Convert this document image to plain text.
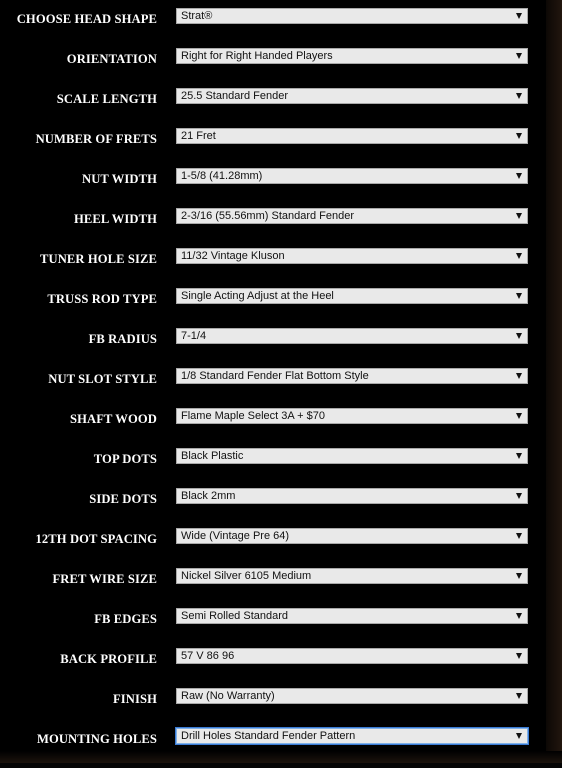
CHOOSE HEAD SHAPE Strat®
ORIENTATION Right for Right Handed Players
SCALE LENGTH 25.5 Standard Fender
NUMBER OF FRETS 21 Fret
NUT WIDTH 1-5/8 (41.28mm)
HEEL WIDTH 2-3/16 (55.56mm) Standard Fender
TUNER HOLE SIZE 11/32 Vintage Kluson
TRUSS ROD TYPE Single Acting Adjust at the Heel
FB RADIUS 7-1/4
NUT SLOT STYLE 1/8 Standard Fender Flat Bottom Style
SHAFT WOOD Flame Maple Select 3A + $70
TOP DOTS Black Plastic
SIDE DOTS Black 2mm
12TH DOT SPACING Wide (Vintage Pre 64)
FRET WIRE SIZE Nickel Silver 6105 Medium
FB EDGES Semi Rolled Standard
BACK PROFILE 57 V 86 96
FINISH Raw (No Warranty)
MOUNTING HOLES Drill Holes Standard Fender Pattern
